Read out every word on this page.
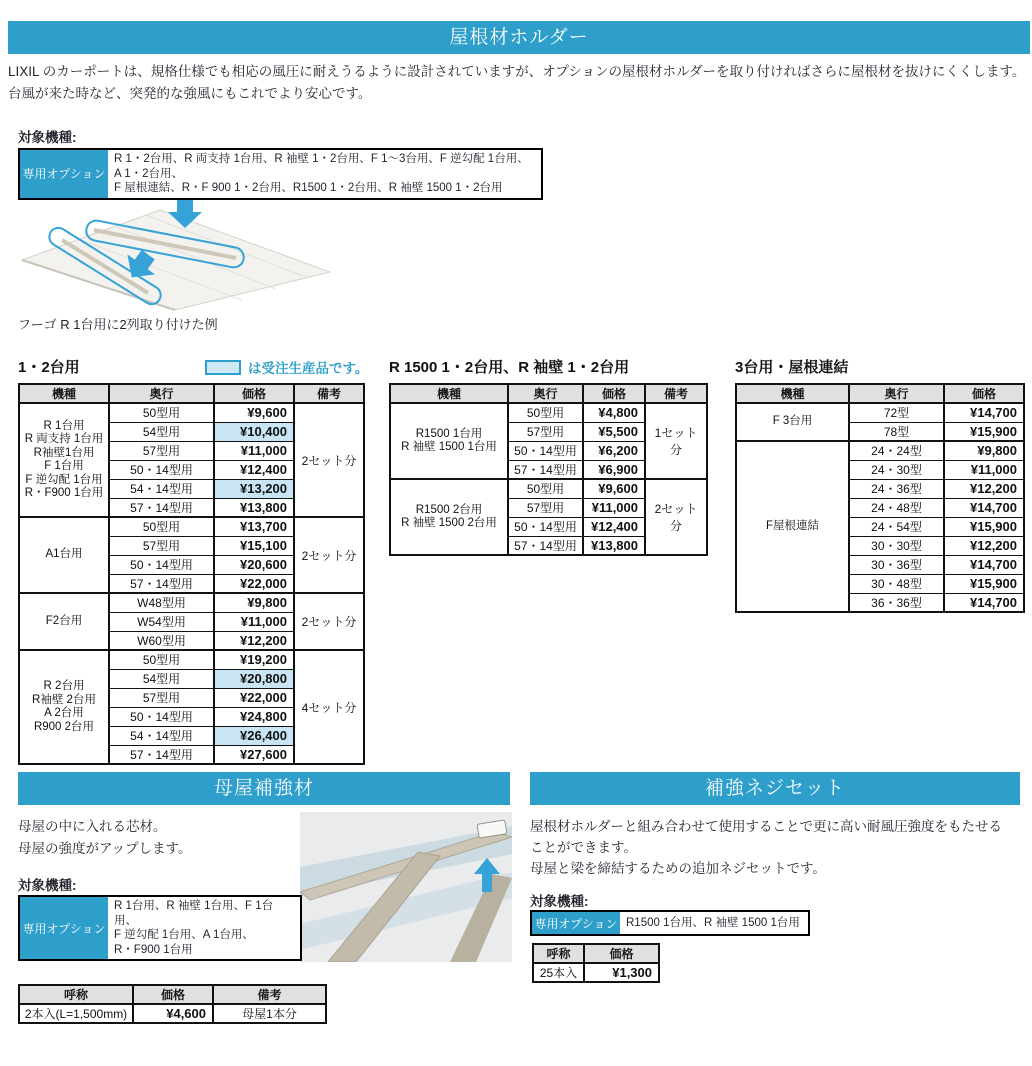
屋根材ホルダー
LIXIL のカーポートは、規格仕様でも相応の風圧に耐えうるように設計されていますが、オプションの屋根材ホルダーを取り付ければさらに屋根材を抜けにくくします。
台風が来た時など、突発的な強風にもこれでより安心です。
対象機種:
専用オプション
R 1・2台用、R 両支持 1台用、R 袖壁 1・2台用、F 1〜3台用、F 逆勾配 1台用、A 1・2台用、
F 屋根連結、R・F 900 1・2台用、R1500 1・2台用、R 袖壁 1500 1・2台用
フーゴ R 1台用に2列取り付けた例
1・2台用	は受注生産品です。
機種	奥行	価格	備考
R 1台用
R 両支持 1台用
R袖壁1台用
F 1台用
F 逆勾配 1台用
R・F900 1台用	50型用	¥9,600	2セット分
	54型用	¥10,400	
	57型用	¥11,000	
	50・14型用	¥12,400	
	54・14型用	¥13,200	
	57・14型用	¥13,800	
A1台用	50型用	¥13,700	2セット分
	57型用	¥15,100	
	50・14型用	¥20,600	
	57・14型用	¥22,000	
F2台用	W48型用	¥9,800	2セット分
	W54型用	¥11,000	
	W60型用	¥12,200	
R 2台用
R袖壁 2台用
A 2台用
R900 2台用	50型用	¥19,200	4セット分
	54型用	¥20,800	
	57型用	¥22,000	
	50・14型用	¥24,800	
	54・14型用	¥26,400	
	57・14型用	¥27,600	
R 1500 1・2台用、R 袖壁 1・2台用
機種	奥行	価格	備考
R1500 1台用
R 袖壁 1500 1台用	50型用	¥4,800	1セット分
	57型用	¥5,500	
	50・14型用	¥6,200	
	57・14型用	¥6,900	
R1500 2台用
R 袖壁 1500 2台用	50型用	¥9,600	2セット分
	57型用	¥11,000	
	50・14型用	¥12,400	
	57・14型用	¥13,800	
3台用・屋根連結
機種	奥行	価格
F 3台用	72型	¥14,700
	78型	¥15,900
F屋根連結	24・24型	¥9,800
	24・30型	¥11,000
	24・36型	¥12,200
	24・48型	¥14,700
	24・54型	¥15,900
	30・30型	¥12,200
	30・36型	¥14,700
	30・48型	¥15,900
	36・36型	¥14,700
母屋補強材
母屋の中に入れる芯材。
母屋の強度がアップします。
対象機種:
専用オプション
R 1台用、R 袖壁 1台用、F 1台用、
F 逆勾配 1台用、A 1台用、
R・F900 1台用
呼称	価格	備考
2本入(L=1,500mm)	¥4,600	母屋1本分
補強ネジセット
屋根材ホルダーと組み合わせて使用することで更に高い耐風圧強度をもたせる
ことができます。
母屋と梁を締結するための追加ネジセットです。
対象機種:
専用オプション R1500 1台用、R 袖壁 1500 1台用
呼称	価格
25本入	¥1,300
